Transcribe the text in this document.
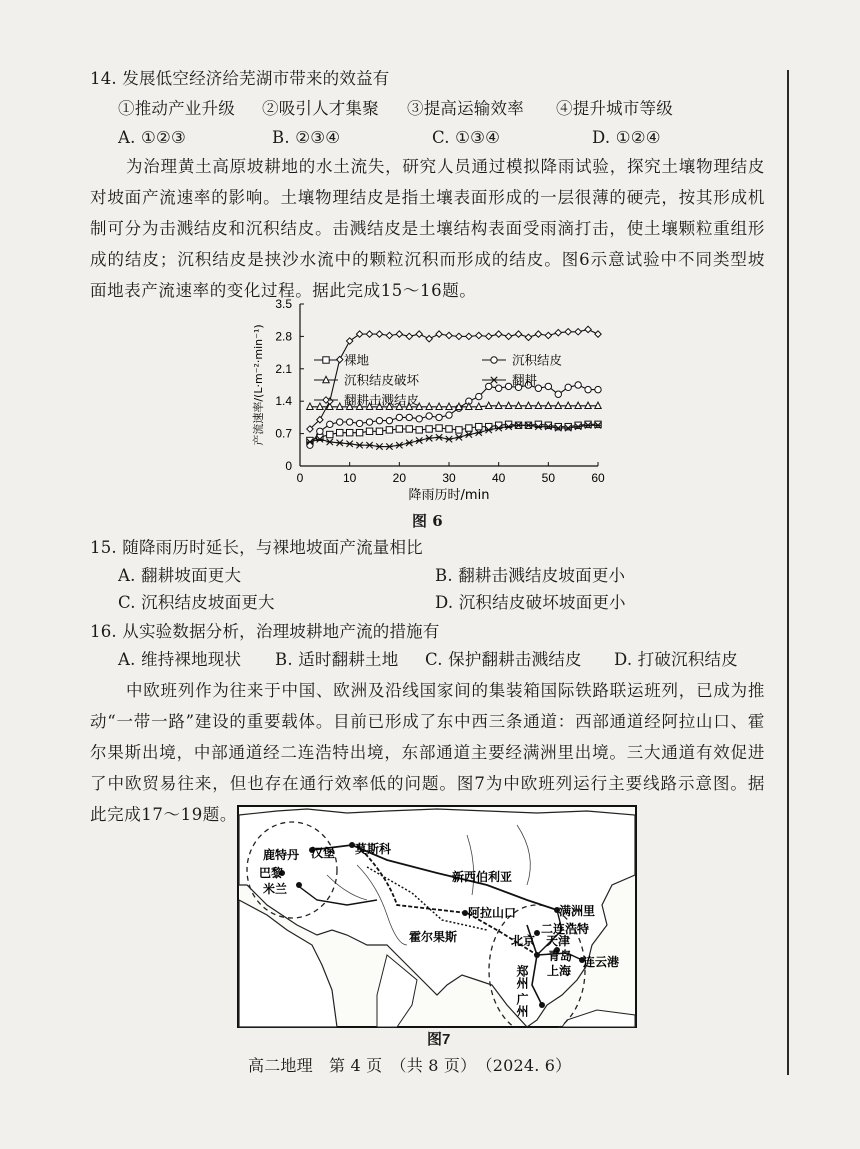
14. 发展低空经济给芜湖市带来的效益有
①推动产业升级 ②吸引人才集聚 ③提高运输效率 ④提升城市等级
A. ①②③	B. ②③④	C. ①③④	D. ①②④
为治理黄土高原坡耕地的水土流失，研究人员通过模拟降雨试验，探究土壤物理结皮对坡面产流速率的影响。土壤物理结皮是指土壤表面形成的一层很薄的硬壳，按其形成机制可分为击溅结皮和沉积结皮。击溅结皮是土壤结构表面受雨滴打击，使土壤颗粒重组形成的结皮；沉积结皮是挟沙水流中的颗粒沉积而形成的结皮。图6示意试验中不同类型坡面地表产流速率的变化过程。据此完成15～16题。
0
0.7
1.4
2.1
2.8
3.5
0	10	20	30	40	50	60
降雨历时/min
产流速率/(L·m⁻²·min⁻¹)	裸地	沉积结皮
沉积结皮破坏	翻耕
翻耕击溅结皮
图 6
15. 随降雨历时延长，与裸地坡面产流量相比
A. 翻耕坡面更大	B. 翻耕击溅结皮坡面更小
C. 沉积结皮坡面更大	D. 沉积结皮破坏坡面更小
16. 从实验数据分析，治理坡耕地产流的措施有
A. 维持裸地现状 B. 适时翻耕土地 C. 保护翻耕击溅结皮 D. 打破沉积结皮
中欧班列作为往来于中国、欧洲及沿线国家间的集装箱国际铁路联运班列，已成为推动“一带一路”建设的重要载体。目前已形成了东中西三条通道：西部通道经阿拉山口、霍尔果斯出境，中部通道经二连浩特出境，东部通道主要经满洲里出境。三大通道有效促进了中欧贸易往来，但也存在通行效率低的问题。图7为中欧班列运行主要线路示意图。据此完成17～19题。
鹿特丹 汉堡 莫斯科
巴黎
米兰
新西伯利亚
阿拉山口	满洲里
二连浩特
霍尔果斯	北京 天津
青岛 连云港
上海
郑州
广州
图7
高二地理　第 4 页　（共 8 页）　（2024. 6）
